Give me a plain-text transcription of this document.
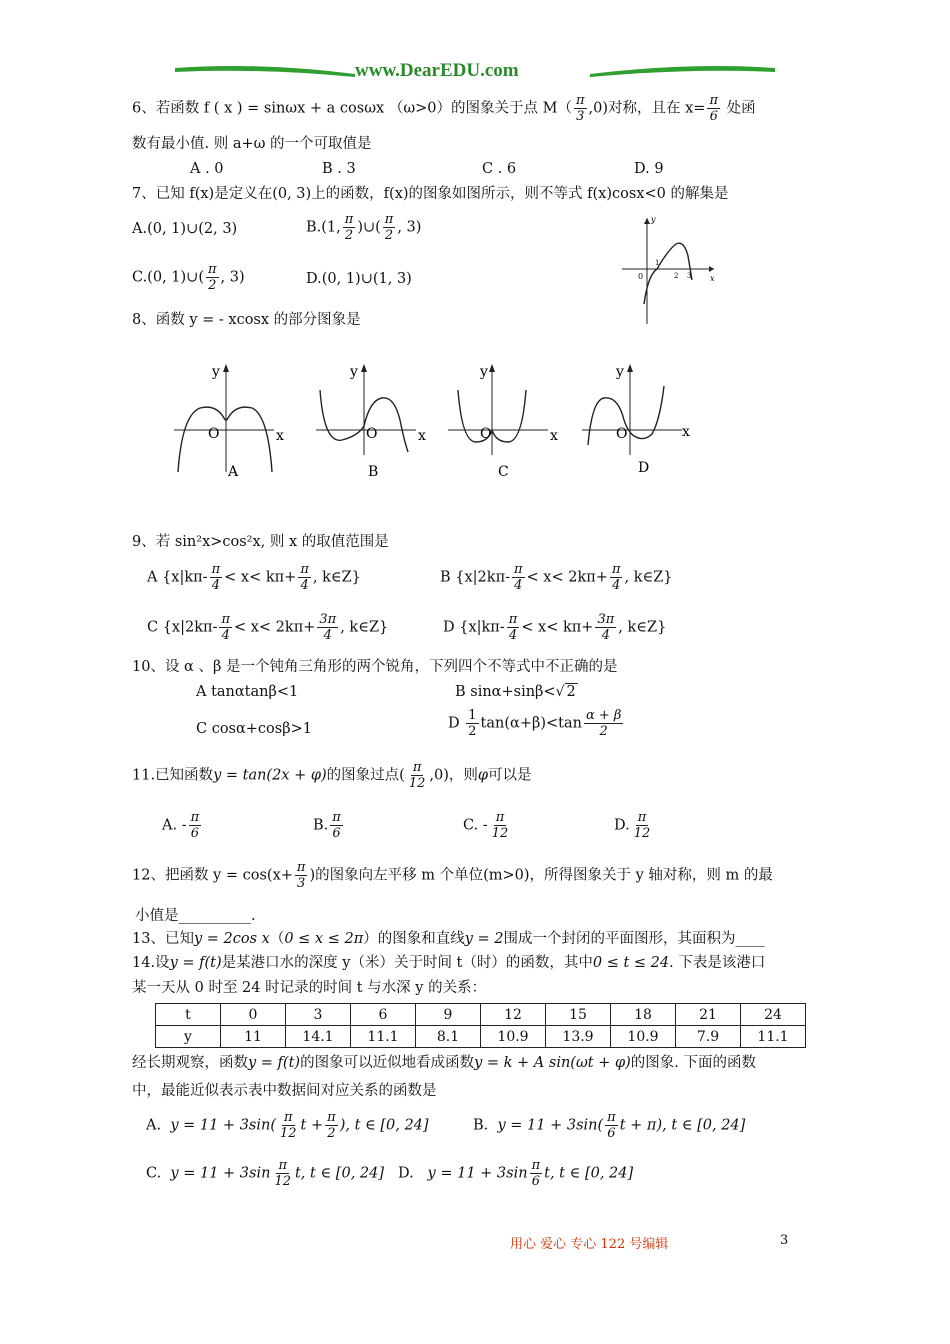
www.DearEDU.com
6、若函数 f ( x ) = sinωx + a cosωx （ω>0）的图象关于点 $M( \frac{\pi}{3} ,0)$对称，且在 $x= \frac{\pi}{6}$ 处函
数有最小值. 则 a+ω 的一个可取值是
A . 0	B . 3	C . 6	D. 9
7、已知 f(x)是定义在(0, 3)上的函数，f(x)的图象如图所示，则不等式 f(x)cosx<0 的解集是
A.(0, 1)∪(2, 3)	B.(1, $\frac{\pi}{2}$ )∪( $\frac{\pi}{2}$ , 3)
C.(0, 1)∪( $\frac{\pi}{2}$ , 3)	D.(0, 1)∪(1, 3)
y
x
0
1
2 3
8、函数 y = - xcosx 的部分图象是
y
O	x
A
y
O	x
B
y
O	x
C
y
O	x
D
9、若 sin²x>cos²x, 则 x 的取值范围是
A {$x|k\pi- \frac{\pi}{4} < x< k\pi+ \frac{\pi}{4}$ , k∈Z}	B {$x|2k\pi- \frac{\pi}{4} < x< 2k\pi+ \frac{\pi}{4}$ , k∈Z}
C {$x|2k\pi- \frac{\pi}{4} < x< 2k\pi+ \frac{3\pi}{4}$ , k∈Z}	D {$x|k\pi- \frac{\pi}{4} < x< k\pi+ \frac{3\pi}{4}$ , k∈Z}
10、设 α 、β 是一个钝角三角形的两个锐角，下列四个不等式中不正确的是
A tanαtanβ<1	B sinα+sinβ<√ 2
C cosα+cosβ>1	D $\frac{1}{2} \tan(\alpha+\beta)<\tan \frac{\alpha + \beta}{2}$
11.已知函数y = tan(2x + φ)的图象过点( $\frac{\pi}{12} ,0$)，则φ可以是
A. - $\frac{\pi}{6}$	B. $\frac{\pi}{6}$	C. - $\frac{\pi}{12}$	D. $\frac{\pi}{12}$
12、把函数 $y = \cos(x+ \frac{\pi}{3}$ )的图象向左平移 m 个单位(m>0)，所得图象关于 y 轴对称，则 m 的最
小值是__________.
13、已知y = 2cos x（0 ≤ x ≤ 2π）的图象和直线y = 2围成一个封闭的平面图形，其面积为____
14.设y = f(t)是某港口水的深度 y（米）关于时间 t（时）的函数，其中0 ≤ t ≤ 24. 下表是该港口
某一天从 0 时至 24 时记录的时间 t 与水深 y 的关系：
t	0	3	6	9	12	15	18	21	24
y	11	14.1	11.1	8.1	10.9	13.9	10.9	7.9	11.1
经长期观察，函数y = f(t)的图象可以近似地看成函数y = k + A sin(ωt + φ)的图象. 下面的函数
中，最能近似表示表中数据间对应关系的函数是
A. $y = 11 + 3\sin( \frac{\pi}{12}$ $t + \frac{\pi}{2}$ ), t ∈ [0, 24]	B. $y = 11 + 3\sin( \frac{\pi}{6}$ t + π), t ∈ [0, 24]
C. $y = 11 + 3\sin \frac{\pi}{12} t$, t ∈ [0, 24] D. $y = 11 + 3\sin \frac{\pi}{6} t$, t ∈ [0, 24]
用心 爱心 专心 122 号编辑	3
